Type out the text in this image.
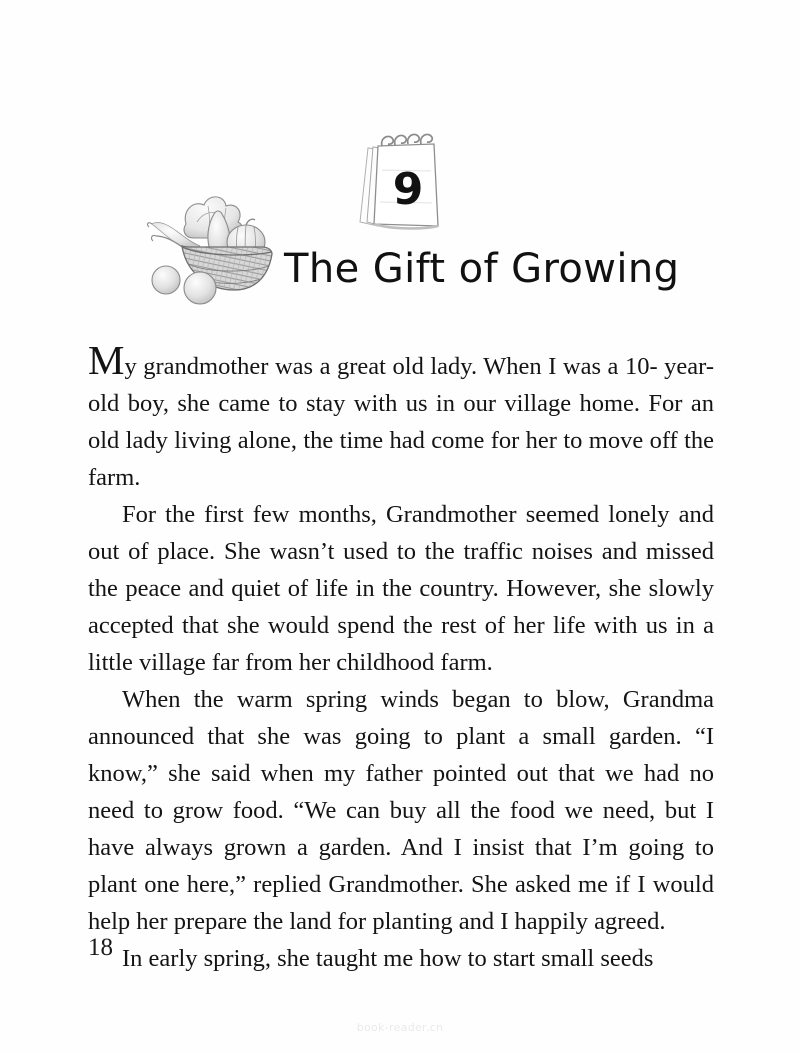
9
The Gift of Growing

My grandmother was a great old lady. When I was a 10- year-old boy, she came to stay with us in our village home. For an old lady living alone, the time had come for her to move off the farm.

For the first few months, Grandmother seemed lonely and out of place. She wasn’t used to the traffic noises and missed the peace and quiet of life in the country. However, she slowly accepted that she would spend the rest of her life with us in a little village far from her childhood farm.

When the warm spring winds began to blow, Grandma announced that she was going to plant a small garden. “I know,” she said when my father pointed out that we had no need to grow food. “We can buy all the food we need, but I have always grown a garden. And I insist that I’m going to plant one here,” replied Grandmother. She asked me if I would help her prepare the land for planting and I happily agreed.

In early spring, she taught me how to start small seeds

18
book-reader.cn
